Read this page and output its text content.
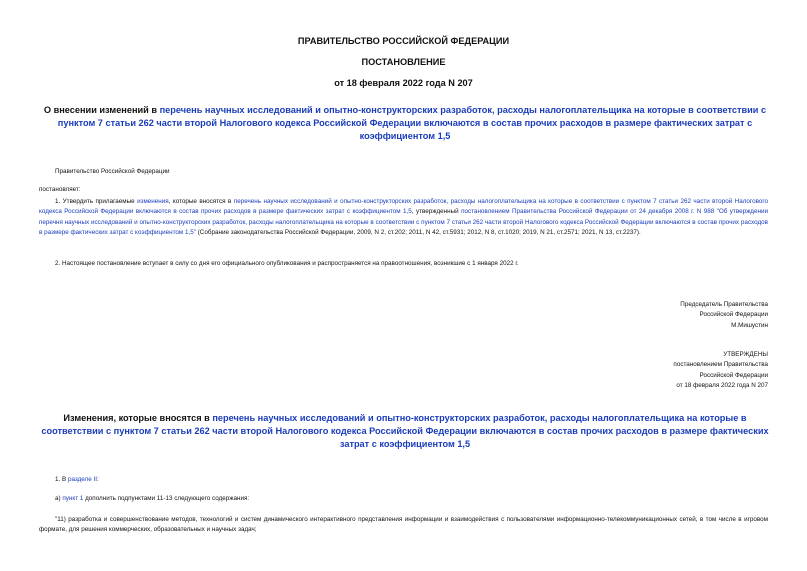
ПРАВИТЕЛЬСТВО РОССИЙСКОЙ ФЕДЕРАЦИИ
ПОСТАНОВЛЕНИЕ
от 18 февраля 2022 года N 207
О внесении изменений в перечень научных исследований и опытно-конструкторских разработок, расходы налогоплательщика на которые в соответствии с пунктом 7 статьи 262 части второй Налогового кодекса Российской Федерации включаются в состав прочих расходов в размере фактических затрат с коэффициентом 1,5
Правительство Российской Федерации
постановляет:
1. Утвердить прилагаемые изменения, которые вносятся в перечень научных исследований и опытно-конструкторских разработок, расходы налогоплательщика на которые в соответствии с пунктом 7 статьи 262 части второй Налогового кодекса Российской Федерации включаются в состав прочих расходов в размере фактических затрат с коэффициентом 1,5, утвержденный постановлением Правительства Российской Федерации от 24 декабря 2008 г. N 988 "Об утверждении перечня научных исследований и опытно-конструкторских разработок, расходы налогоплательщика на которые в соответствии с пунктом 7 статьи 262 части второй Налогового кодекса Российской Федерации включаются в состав прочих расходов в размере фактических затрат с коэффициентом 1,5" (Собрание законодательства Российской Федерации, 2009, N 2, ст.202; 2011, N 42, ст.5931; 2012, N 8, ст.1020; 2019, N 21, ст.2571; 2021, N 13, ст.2237).
2. Настоящее постановление вступает в силу со дня его официального опубликования и распространяется на правоотношения, возникшие с 1 января 2022 г.
Председатель Правительства
Российской Федерации
М.Мишустин
УТВЕРЖДЕНЫ
постановлением Правительства
Российской Федерации
от 18 февраля 2022 года N 207
Изменения, которые вносятся в перечень научных исследований и опытно-конструкторских разработок, расходы налогоплательщика на которые в соответствии с пунктом 7 статьи 262 части второй Налогового кодекса Российской Федерации включаются в состав прочих расходов в размере фактических затрат с коэффициентом 1,5
1. В разделе II:
а) пункт 1 дополнить подпунктами 11-13 следующего содержания:
"11) разработка и совершенствование методов, технологий и систем динамического интерактивного представления информации и взаимодействия с пользователями информационно-телекоммуникационных сетей, в том числе в игровом формате, для решения коммерческих, образовательных и научных задач;
